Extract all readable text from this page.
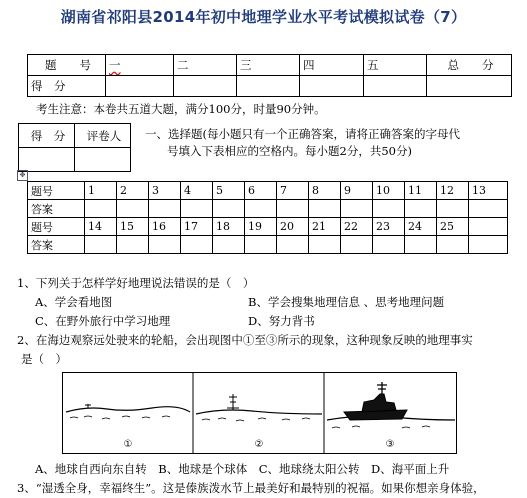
湖南省祁阳县2014年初中地理学业水平考试模拟试卷（7）
题　　号	一	二	三	四	五	总　　分
得　分						
考生注意：本卷共五道大题，满分100分，时量90分钟。
得　分	评卷人
	一、选择题(每小题只有一个正确答案，请将正确答案的字母代
号填入下表相应的空格内。每小题2分，共50分)
✥
题号	1	2	3	4	5	6	7	8	9	10	11	12	13
答案													
题号	14	15	16	17	18	19	20	21	22	23	24	25	
答案													
1、下列关于怎样学好地理说法错误的是（　）
A、学会看地图	B、学会搜集地理信息 、思考地理问题
C、在野外旅行中学习地理	D、努力背书
2、在海边观察远处驶来的轮船，会出现图中①至③所示的现象，这种现象反映的地理事实
是（　）
①	②	③
A、地球自西向东自转　B、地球是个球体　C、地球绕太阳公转　D、海平面上升
3、“湿透全身，幸福终生”。这是傣族泼水节上最美好和最特别的祝福。如果你想亲身体验，
